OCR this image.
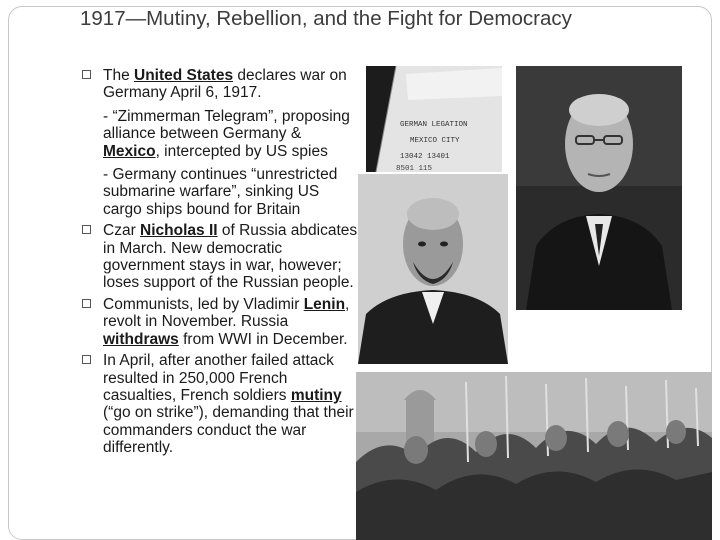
1917—Mutiny, Rebellion, and the Fight for Democracy

The United States declares war on Germany April 6, 1917.

- “Zimmerman Telegram”, proposing alliance between Germany & Mexico, intercepted by US spies

- Germany continues “unrestricted submarine warfare”, sinking US cargo ships bound for Britain

Czar Nicholas II of Russia abdicates in March. New democratic government stays in war, however; loses support of the Russian people.

Communists, led by Vladimir Lenin, revolt in November. Russia withdraws from WWI in December.

In April, after another failed attack resulted in 250,000 French casualties, French soldiers mutiny (“go on strike”), demanding that their commanders conduct the war differently.

GERMAN LEGATION
MEXICO CITY
13042 13401
8501 115
